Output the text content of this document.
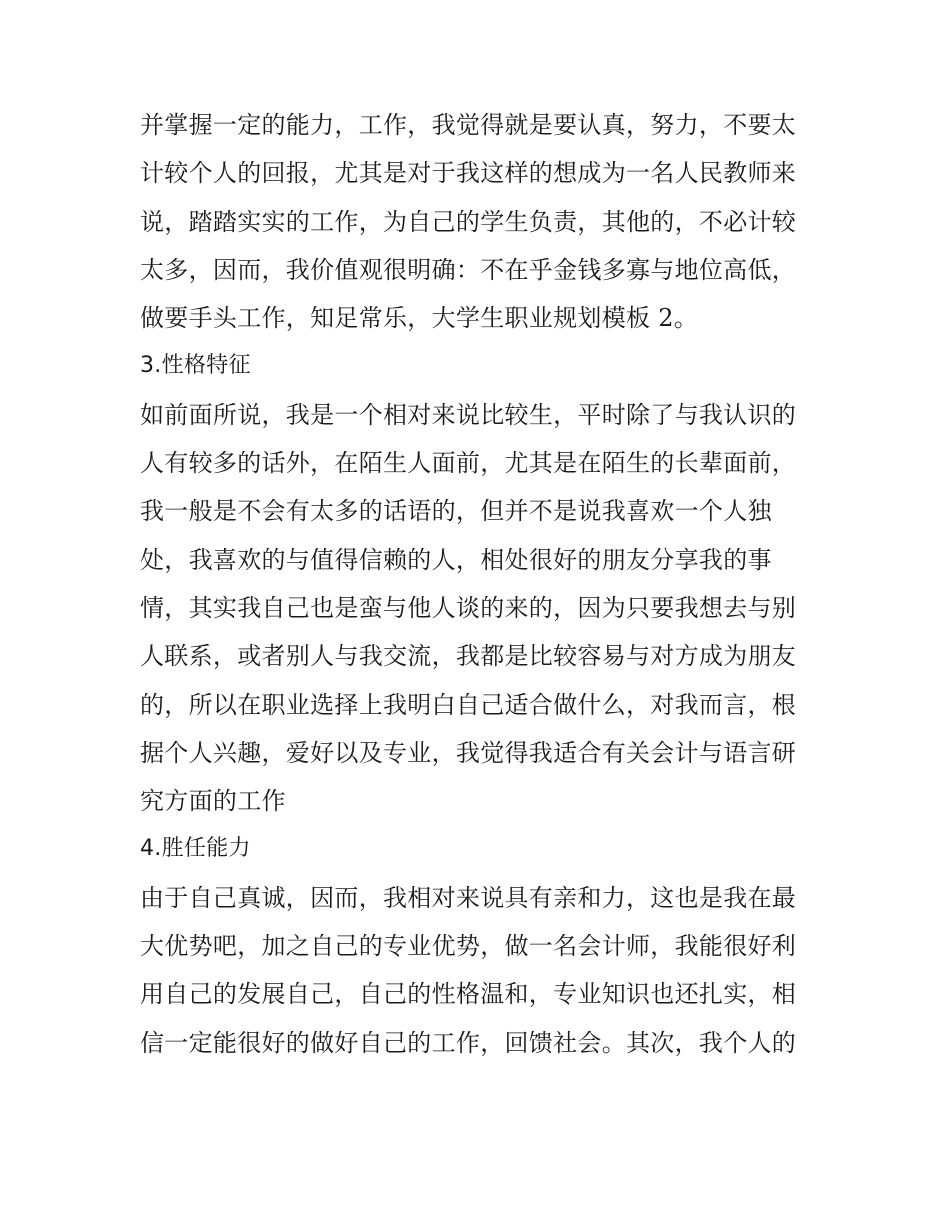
并掌握一定的能力，工作，我觉得就是要认真，努力，不要太
计较个人的回报，尤其是对于我这样的想成为一名人民教师来
说，踏踏实实的工作，为自己的学生负责，其他的，不必计较
太多，因而，我价值观很明确：不在乎金钱多寡与地位高低，
做要手头工作，知足常乐，大学生职业规划模板 2。
3.性格特征
如前面所说，我是一个相对来说比较生，平时除了与我认识的
人有较多的话外，在陌生人面前，尤其是在陌生的长辈面前，
我一般是不会有太多的话语的，但并不是说我喜欢一个人独
处，我喜欢的与值得信赖的人，相处很好的朋友分享我的事
情，其实我自己也是蛮与他人谈的来的，因为只要我想去与别
人联系，或者别人与我交流，我都是比较容易与对方成为朋友
的，所以在职业选择上我明白自己适合做什么，对我而言，根
据个人兴趣，爱好以及专业，我觉得我适合有关会计与语言研
究方面的工作
4.胜任能力
由于自己真诚，因而，我相对来说具有亲和力，这也是我在最
大优势吧，加之自己的专业优势，做一名会计师，我能很好利
用自己的发展自己，自己的性格温和，专业知识也还扎实，相
信一定能很好的做好自己的工作，回馈社会。其次，我个人的
